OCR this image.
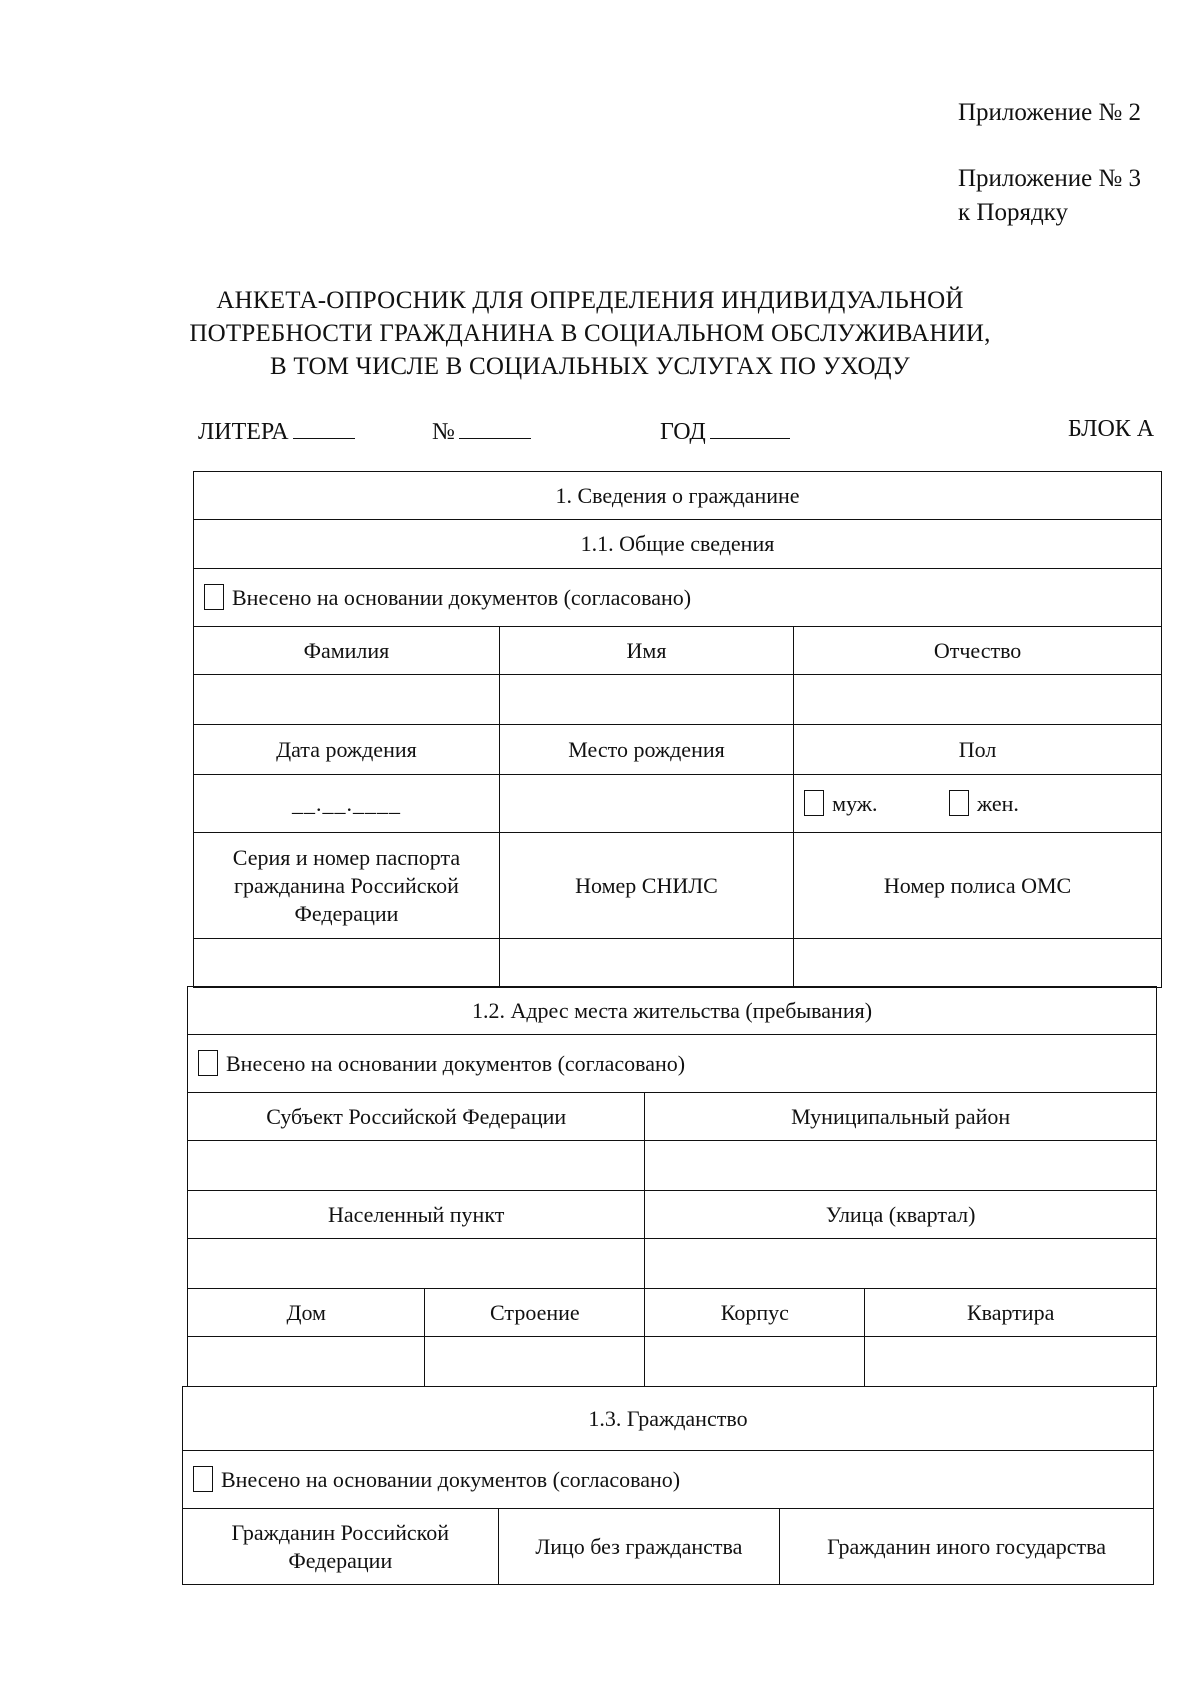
Приложение № 2
Приложение № 3
к Порядку
АНКЕТА-ОПРОСНИК ДЛЯ ОПРЕДЕЛЕНИЯ ИНДИВИДУАЛЬНОЙ
ПОТРЕБНОСТИ ГРАЖДАНИНА В СОЦИАЛЬНОМ ОБСЛУЖИВАНИИ,
В ТОМ ЧИСЛЕ В СОЦИАЛЬНЫХ УСЛУГАХ ПО УХОДУ
ЛИТЕРА	№	ГОД	БЛОК А
1. Сведения о гражданине		
1.1. Общие сведения		
Внесено на основании документов (согласовано)		
Фамилия	Имя	Отчество

Дата рождения	Место рождения	Пол
__.__.____		муж. жен.
Серия и номер паспорта гражданина Российской Федерации	Номер СНИЛС	Номер полиса ОМС

1.2. Адрес места жительства (пребывания)			
Внесено на основании документов (согласовано)			
Субъект Российской Федерации		Муниципальный район	

Населенный пункт		Улица (квартал)	

Дом	Строение	Корпус	Квартира

1.3. Гражданство
Внесено на основании документов (согласовано)
Гражданин Российской Федерации	Лицо без гражданства	Гражданин иного государства
